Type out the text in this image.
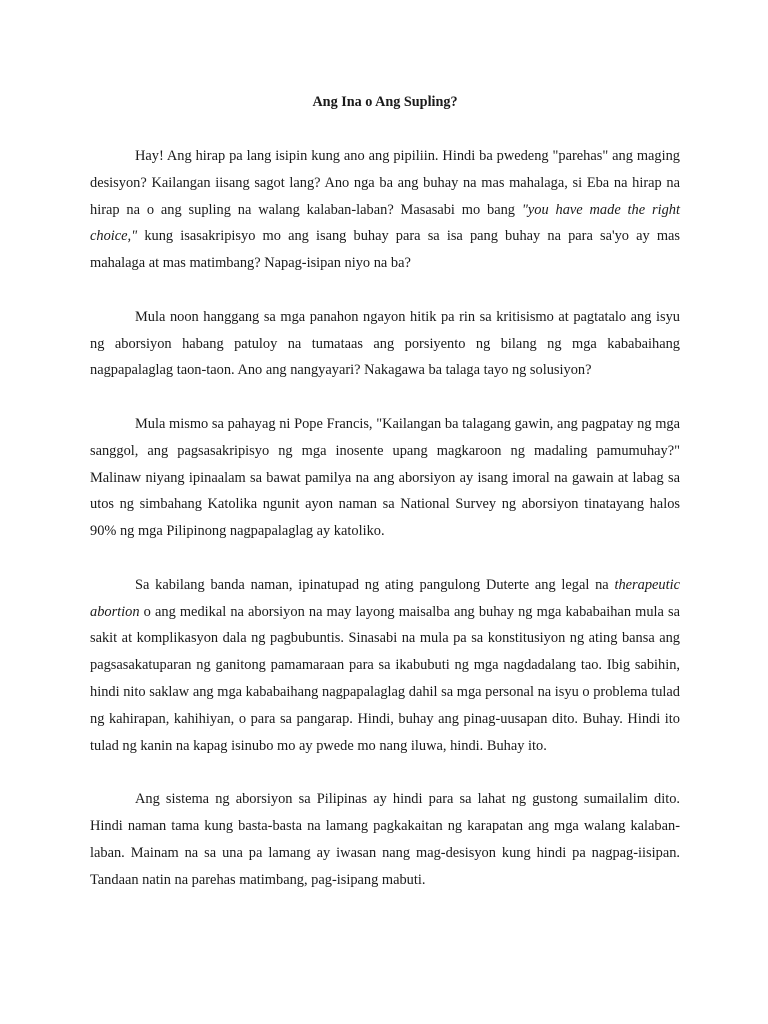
Ang Ina o Ang Supling?

Hay! Ang hirap pa lang isipin kung ano ang pipiliin. Hindi ba pwedeng "parehas" ang maging desisyon? Kailangan iisang sagot lang? Ano nga ba ang buhay na mas mahalaga, si Eba na hirap na hirap na o ang supling na walang kalaban-laban? Masasabi mo bang "you have made the right choice," kung isasakripisyo mo ang isang buhay para sa isa pang buhay na para sa'yo ay mas mahalaga at mas matimbang? Napag-isipan niyo na ba?

Mula noon hanggang sa mga panahon ngayon hitik pa rin sa kritisismo at pagtatalo ang isyu ng aborsiyon habang patuloy na tumataas ang porsiyento ng bilang ng mga kababaihang nagpapalaglag taon-taon. Ano ang nangyayari? Nakagawa ba talaga tayo ng solusiyon?

Mula mismo sa pahayag ni Pope Francis, "Kailangan ba talagang gawin, ang pagpatay ng mga sanggol, ang pagsasakripisyo ng mga inosente upang magkaroon ng madaling pamumuhay?" Malinaw niyang ipinaalam sa bawat pamilya na ang aborsiyon ay isang imoral na gawain at labag sa utos ng simbahang Katolika ngunit ayon naman sa National Survey ng aborsiyon tinatayang halos 90% ng mga Pilipinong nagpapalaglag ay katoliko.

Sa kabilang banda naman, ipinatupad ng ating pangulong Duterte ang legal na therapeutic abortion o ang medikal na aborsiyon na may layong maisalba ang buhay ng mga kababaihan mula sa sakit at komplikasyon dala ng pagbubuntis. Sinasabi na mula pa sa konstitusiyon ng ating bansa ang pagsasakatuparan ng ganitong pamamaraan para sa ikabubuti ng mga nagdadalang tao. Ibig sabihin, hindi nito saklaw ang mga kababaihang nagpapalaglag dahil sa mga personal na isyu o problema tulad ng kahirapan, kahihiyan, o para sa pangarap. Hindi, buhay ang pinag-uusapan dito. Buhay. Hindi ito tulad ng kanin na kapag isinubo mo ay pwede mo nang iluwa, hindi. Buhay ito.

Ang sistema ng aborsiyon sa Pilipinas ay hindi para sa lahat ng gustong sumailalim dito. Hindi naman tama kung basta-basta na lamang pagkakaitan ng karapatan ang mga walang kalaban-laban. Mainam na sa una pa lamang ay iwasan nang mag-desisyon kung hindi pa nagpag-iisipan. Tandaan natin na parehas matimbang, pag-isipang mabuti.
